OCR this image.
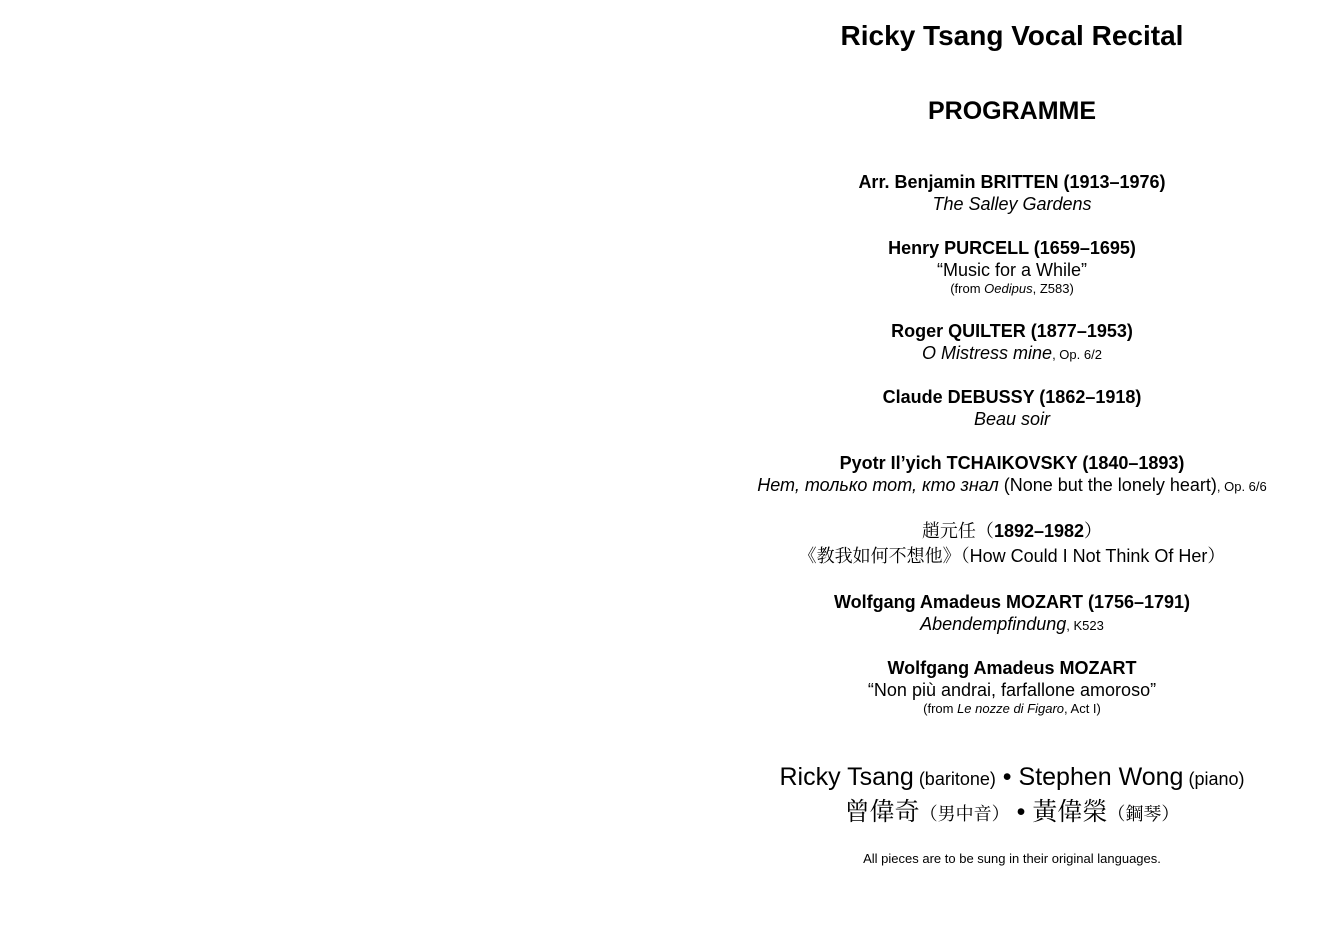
Ricky Tsang Vocal Recital
PROGRAMME
Arr. Benjamin BRITTEN (1913–1976)
The Salley Gardens
Henry PURCELL (1659–1695)
“Music for a While”
(from Oedipus, Z583)
Roger QUILTER (1877–1953)
O Mistress mine, Op. 6/2
Claude DEBUSSY (1862–1918)
Beau soir
Pyotr Il’yich TCHAIKOVSKY (1840–1893)
Нет, только тот, кто знал (None but the lonely heart), Op. 6/6
趙元任（1892–1982）
《教我如何不想他》（How Could I Not Think Of Her）
Wolfgang Amadeus MOZART (1756–1791)
Abendempfindung, K523
Wolfgang Amadeus MOZART
“Non più andrai, farfallone amoroso”
(from Le nozze di Figaro, Act I)
Ricky Tsang (baritone) • Stephen Wong (piano)
曾偉奇（男中音） • 黃偉榮（鋼琴）
All pieces are to be sung in their original languages.
